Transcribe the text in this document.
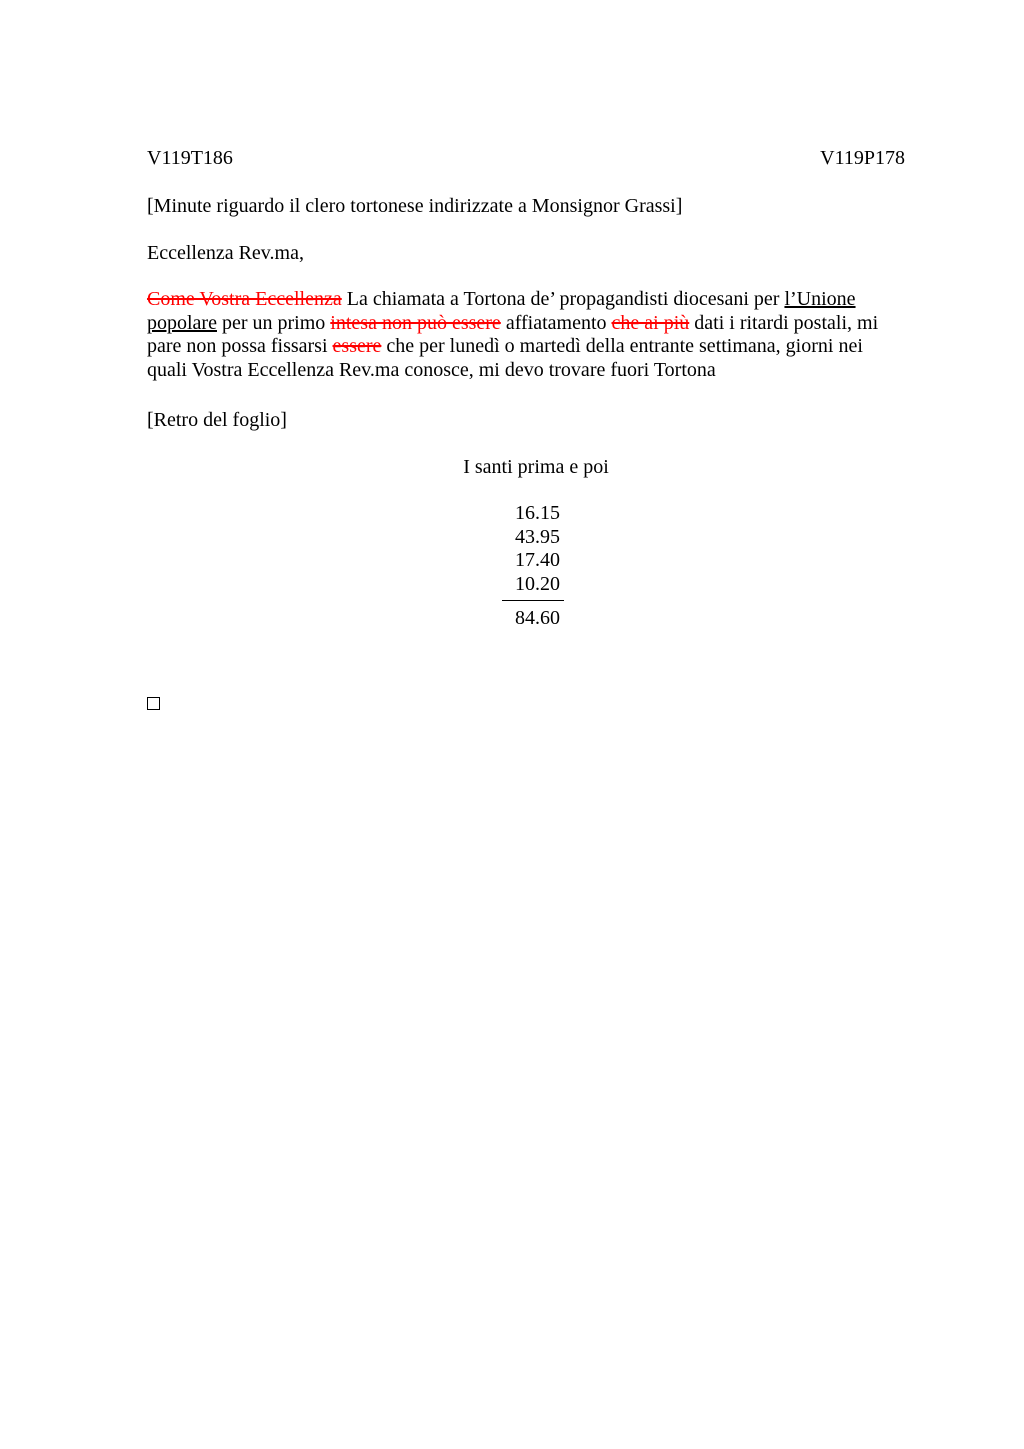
V119T186	V119P178
[Minute riguardo il clero tortonese indirizzate a Monsignor Grassi]
Eccellenza Rev.ma,

Come Vostra Eccellenza La chiamata a Tortona de’ propagandisti diocesani per l’Unione popolare per un primo intesa non può essere affiatamento che ai più dati i ritardi postali, mi pare non possa fissarsi essere che per lunedì o martedì della entrante settimana, giorni nei quali Vostra Eccellenza Rev.ma conosce, mi devo trovare fuori Tortona

[Retro del foglio]
I santi prima e poi
16.15
43.95
17.40
10.20
84.60
